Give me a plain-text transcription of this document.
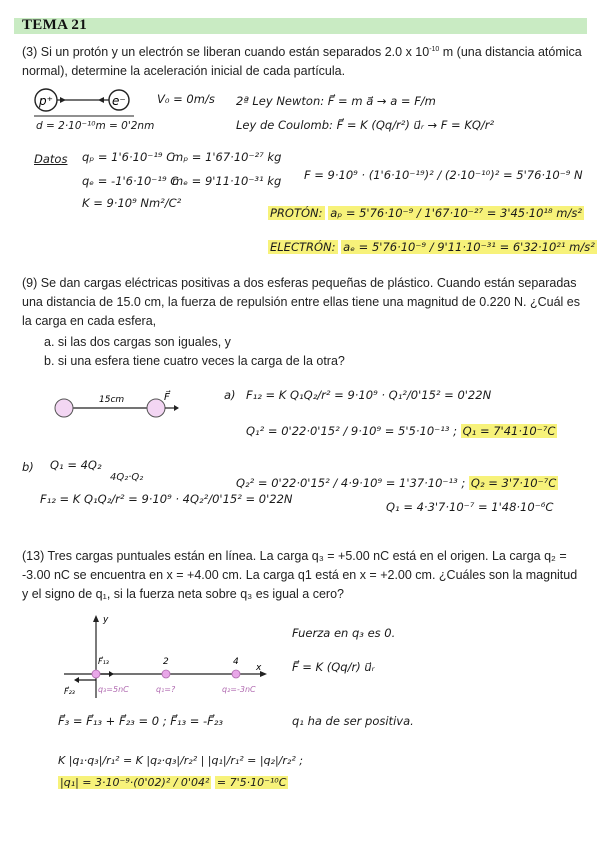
TEMA 21
(3) Si un protón y un electrón se liberan cuando están separados 2.0 x $10^{-10}$ m (una distancia atómica normal), determine la aceleración inicial de cada partícula.
p⁺	e⁻	V₀ = 0m/s
d = 2·10⁻¹⁰m = 0'2nm
2ª Ley Newton: F⃗ = m a⃗ → a = F/m
Ley de Coulomb: F⃗ = K (Qq/r²) u⃗ᵣ → F = KQ/r²
Datos qₚ = 1'6·10⁻¹⁹ C
mₚ = 1'67·10⁻²⁷ kg
qₑ = -1'6·10⁻¹⁹ C
mₑ = 9'11·10⁻³¹ kg
K = 9·10⁹ Nm²/C²
F = 9·10⁹ · (1'6·10⁻¹⁹)² / (2·10⁻¹⁰)² = 5'76·10⁻⁹ N
PROTÓN: aₚ = 5'76·10⁻⁹ / 1'67·10⁻²⁷ = 3'45·10¹⁸ m/s²
ELECTRÓN: aₑ = 5'76·10⁻⁹ / 9'11·10⁻³¹ = 6'32·10²¹ m/s²
(9) Se dan cargas eléctricas positivas a dos esferas pequeñas de plástico. Cuando están separadas una distancia de 15.0 cm, la fuerza de repulsión entre ellas tiene una magnitud de 0.220 N. ¿Cuál es la carga en cada esfera,
a. si las dos cargas son iguales, y
b. si una esfera tiene cuatro veces la carga de la otra?
15cm	F⃗	a) F₁₂ = K Q₁Q₂/r² = 9·10⁹ · Q₁²/0'15² = 0'22N
Q₁² = 0'22·0'15² / 9·10⁹ = 5'5·10⁻¹³ ; Q₁ = 7'41·10⁻⁷C
b) Q₁ = 4Q₂
4Q₂·Q₂
F₁₂ = K Q₁Q₂/r² = 9·10⁹ · 4Q₂²/0'15² = 0'22N
Q₂² = 0'22·0'15² / 4·9·10⁹ = 1'37·10⁻¹³ ; Q₂ = 3'7·10⁻⁷C
Q₁ = 4·3'7·10⁻⁷ = 1'48·10⁻⁶C
(13) Tres cargas puntuales están en línea. La carga q₃ = +5.00 nC está en el origen. La carga q₂ = -3.00 nC se encuentra en x = +4.00 cm. La carga q1 está en x = +2.00 cm. ¿Cuáles son la magnitud y el signo de q₁, si la fuerza neta sobre q₃ es igual a cero?
y
x
2	4
F⃗₁₃
F⃗₂₃	q₃=5nC	q₁=?	q₂=-3nC
Fuerza en q₃ es 0.
F⃗ = K (Qq/r) u⃗ᵣ
F⃗₃ = F⃗₁₃ + F⃗₂₃ = 0 ; F⃗₁₃ = -F⃗₂₃	q₁ ha de ser positiva.
K |q₁·q₃|/r₁² = K |q₂·q₃|/r₂² | |q₁|/r₁² = |q₂|/r₂² ;
|q₁| = 3·10⁻⁹·(0'02)² / 0'04² = 7'5·10⁻¹⁰C
